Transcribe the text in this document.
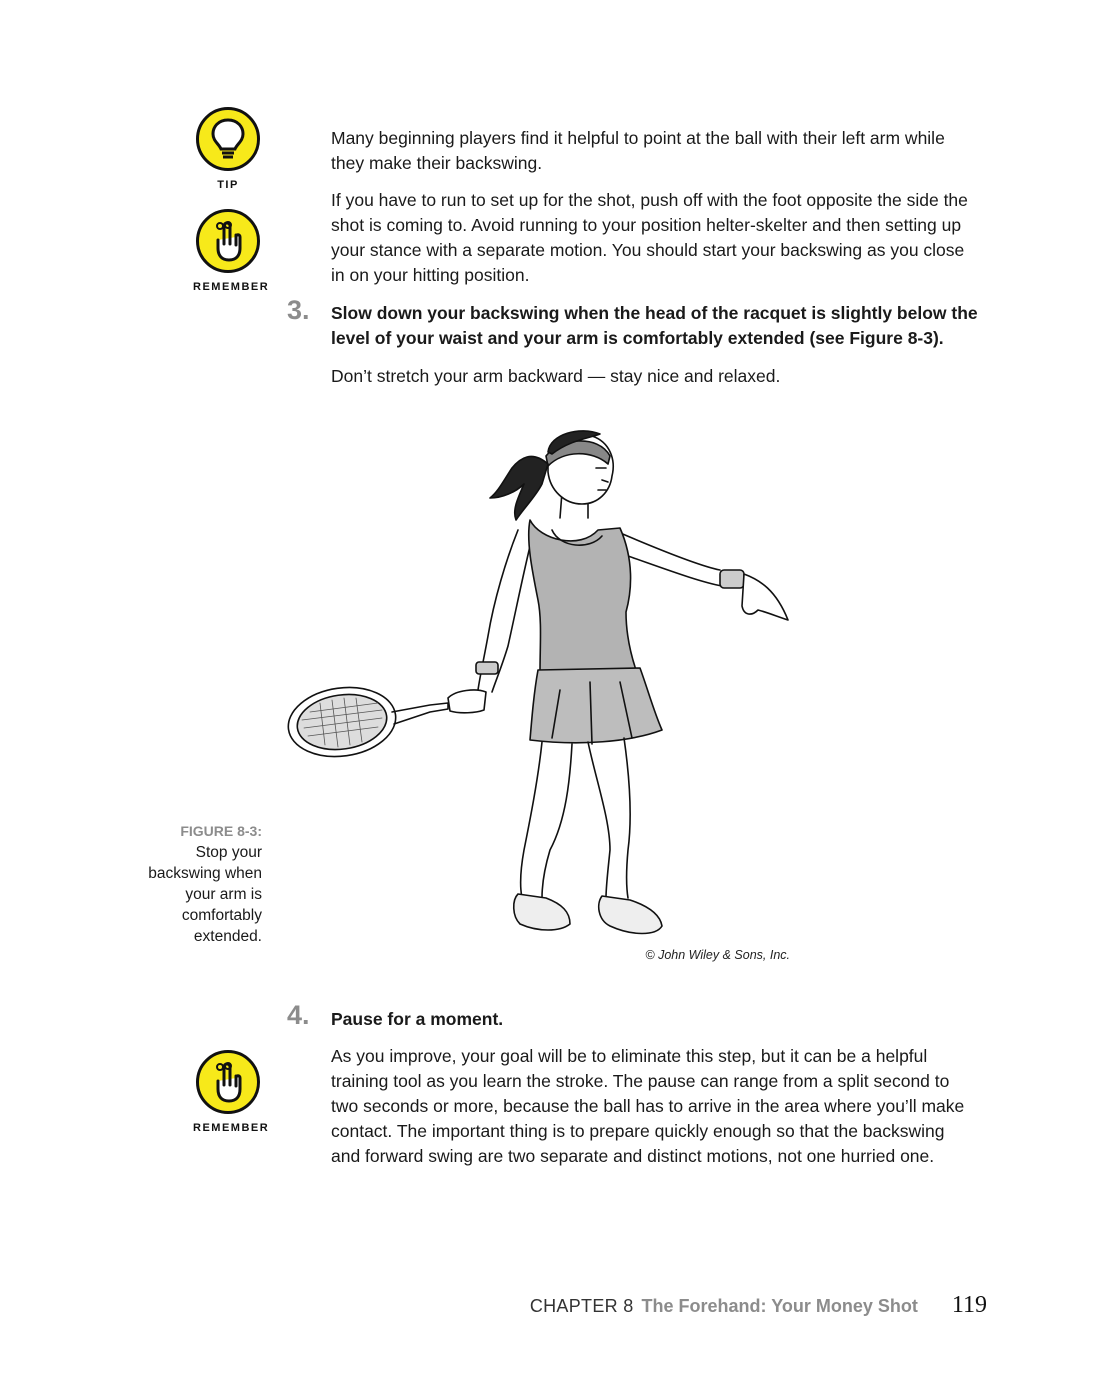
TIP
REMEMBER

Many beginning players find it helpful to point at the ball with their left arm while they make their backswing.

If you have to run to set up for the shot, push off with the foot opposite the side the shot is coming to. Avoid running to your position helter-skelter and then setting up your stance with a separate motion. You should start your backswing as you close in on your hitting position.

3. Slow down your backswing when the head of the racquet is slightly below the level of your waist and your arm is comfortably extended (see Figure 8-3).

Don’t stretch your arm backward — stay nice and relaxed.

FIGURE 8-3:
Stop your backswing when your arm is comfortably extended.
© John Wiley & Sons, Inc.
4. Pause for a moment.

REMEMBER

As you improve, your goal will be to eliminate this step, but it can be a helpful training tool as you learn the stroke. The pause can range from a split second to two seconds or more, because the ball has to arrive in the area where you’ll make contact. The important thing is to prepare quickly enough so that the backswing and forward swing are two separate and distinct motions, not one hurried one.

CHAPTER 8 The Forehand: Your Money Shot 119
